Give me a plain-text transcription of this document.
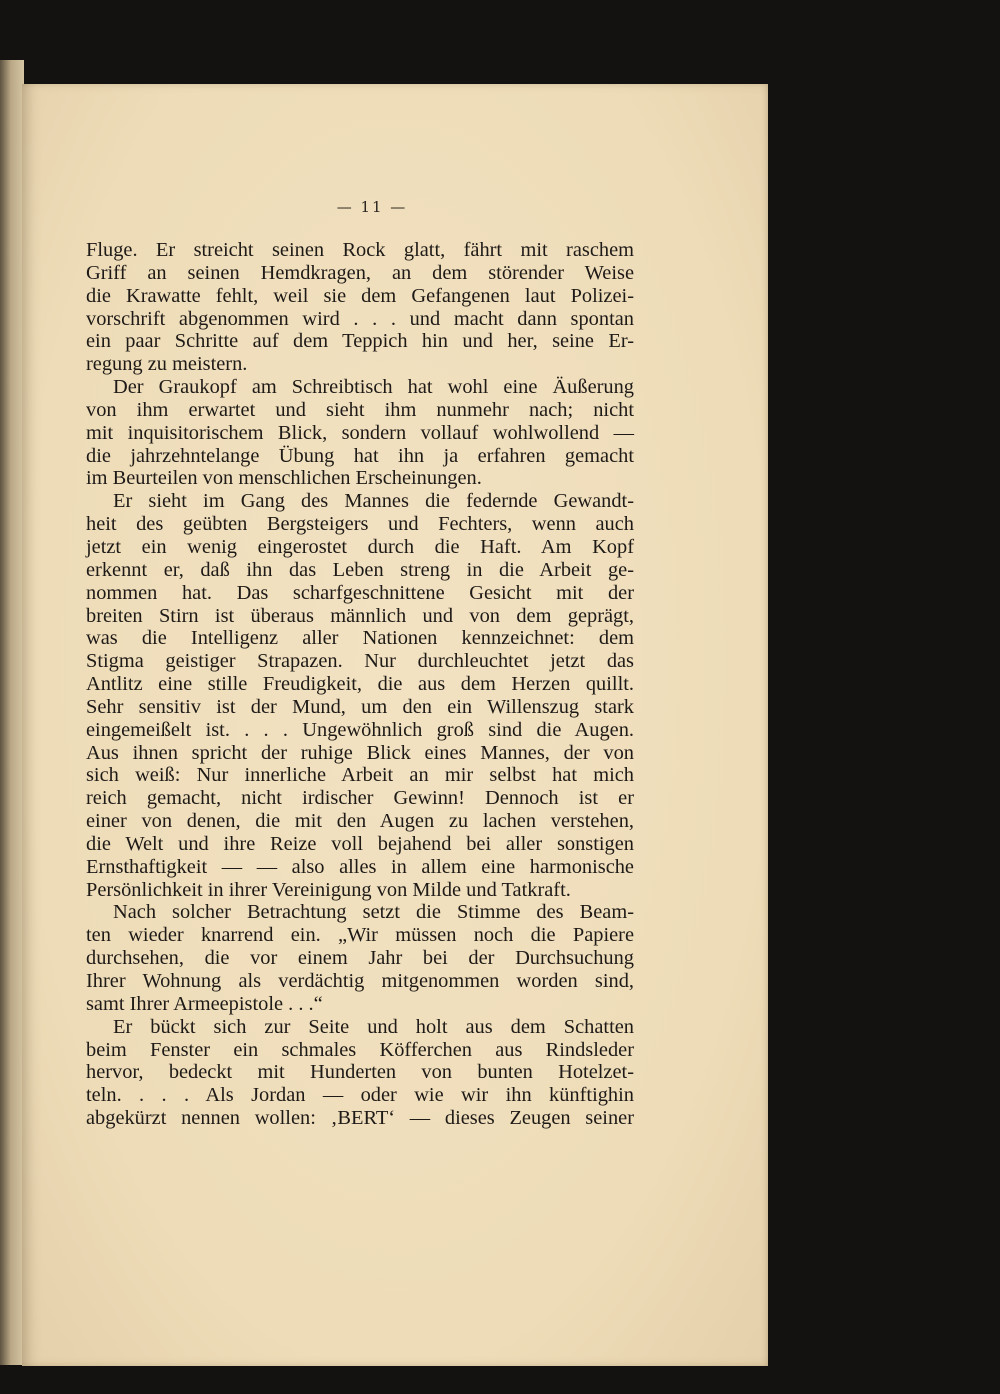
— 11 —
Fluge. Er streicht seinen Rock glatt, fährt mit raschem
Griff an seinen Hemdkragen, an dem störender Weise
die Krawatte fehlt, weil sie dem Gefangenen laut Polizei-
vorschrift abgenommen wird . . . und macht dann spontan
ein paar Schritte auf dem Teppich hin und her, seine Er-
regung zu meistern.
Der Graukopf am Schreibtisch hat wohl eine Äußerung
von ihm erwartet und sieht ihm nunmehr nach; nicht
mit inquisitorischem Blick, sondern vollauf wohlwollend —
die jahrzehntelange Übung hat ihn ja erfahren gemacht
im Beurteilen von menschlichen Erscheinungen.
Er sieht im Gang des Mannes die federnde Gewandt-
heit des geübten Bergsteigers und Fechters, wenn auch
jetzt ein wenig eingerostet durch die Haft. Am Kopf
erkennt er, daß ihn das Leben streng in die Arbeit ge-
nommen hat. Das scharfgeschnittene Gesicht mit der
breiten Stirn ist überaus männlich und von dem geprägt,
was die Intelligenz aller Nationen kennzeichnet: dem
Stigma geistiger Strapazen. Nur durchleuchtet jetzt das
Antlitz eine stille Freudigkeit, die aus dem Herzen quillt.
Sehr sensitiv ist der Mund, um den ein Willenszug stark
eingemeißelt ist. . . . Ungewöhnlich groß sind die Augen.
Aus ihnen spricht der ruhige Blick eines Mannes, der von
sich weiß: Nur innerliche Arbeit an mir selbst hat mich
reich gemacht, nicht irdischer Gewinn! Dennoch ist er
einer von denen, die mit den Augen zu lachen verstehen,
die Welt und ihre Reize voll bejahend bei aller sonstigen
Ernsthaftigkeit — — also alles in allem eine harmonische
Persönlichkeit in ihrer Vereinigung von Milde und Tatkraft.
Nach solcher Betrachtung setzt die Stimme des Beam-
ten wieder knarrend ein. „Wir müssen noch die Papiere
durchsehen, die vor einem Jahr bei der Durchsuchung
Ihrer Wohnung als verdächtig mitgenommen worden sind,
samt Ihrer Armeepistole . . .“
Er bückt sich zur Seite und holt aus dem Schatten
beim Fenster ein schmales Köfferchen aus Rindsleder
hervor, bedeckt mit Hunderten von bunten Hotelzet-
teln. . . . Als Jordan — oder wie wir ihn künftighin
abgekürzt nennen wollen: ‚BERT‘ — dieses Zeugen seiner
